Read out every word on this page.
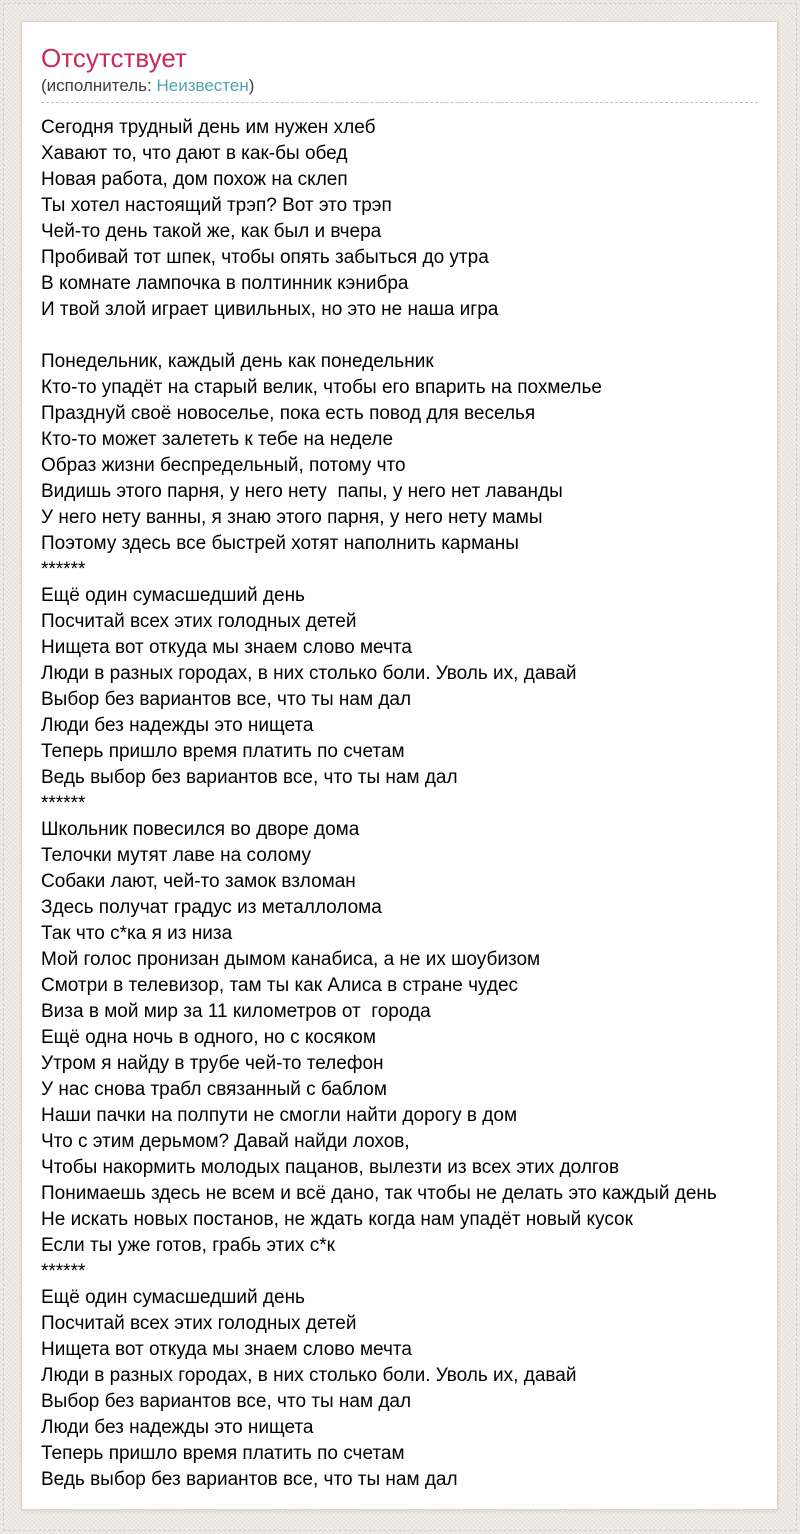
Отсутствует
(исполнитель: Неизвестен)
Сегодня трудный день им нужен хлеб
Хавают то, что дают в как-бы обед
Новая работа, дом похож на склеп
Ты хотел настоящий трэп? Вот это трэп
Чей-то день такой же, как был и вчера
Пробивай тот шпек, чтобы опять забыться до утра
В комнате лампочка в полтинник кэнибра
И твой злой играет цивильных, но это не наша игра

Понедельник, каждый день как понедельник
Кто-то упадёт на старый велик, чтобы его впарить на похмелье
Празднуй своё новоселье, пока есть повод для веселья
Кто-то может залететь к тебе на неделе
Образ жизни беспредельный, потому что
Видишь этого парня, у него нету  папы, у него нет лаванды
У него нету ванны, я знаю этого парня, у него нету мамы
Поэтому здесь все быстрей хотят наполнить карманы
******
Ещё один сумасшедший день
Посчитай всех этих голодных детей
Нищета вот откуда мы знаем слово мечта
Люди в разных городах, в них столько боли. Уволь их, давай
Выбор без вариантов все, что ты нам дал
Люди без надежды это нищета
Теперь пришло время платить по счетам
Ведь выбор без вариантов все, что ты нам дал
******
Школьник повесился во дворе дома
Телочки мутят лаве на солому
Собаки лают, чей-то замок взломан
Здесь получат градус из металлолома
Так что с*ка я из низа
Мой голос пронизан дымом канабиса, а не их шоубизом
Смотри в телевизор, там ты как Алиса в стране чудес
Виза в мой мир за 11 километров от  города
Ещё одна ночь в одного, но с косяком
Утром я найду в трубе чей-то телефон
У нас снова трабл связанный с баблом
Наши пачки на полпути не смогли найти дорогу в дом
Что с этим дерьмом? Давай найди лохов,
Чтобы накормить молодых пацанов, вылезти из всех этих долгов
Понимаешь здесь не всем и всё дано, так чтобы не делать это каждый день
Не искать новых постанов, не ждать когда нам упадёт новый кусок
Если ты уже готов, грабь этих с*к
******
Ещё один сумасшедший день
Посчитай всех этих голодных детей
Нищета вот откуда мы знаем слово мечта
Люди в разных городах, в них столько боли. Уволь их, давай
Выбор без вариантов все, что ты нам дал
Люди без надежды это нищета
Теперь пришло время платить по счетам
Ведь выбор без вариантов все, что ты нам дал
